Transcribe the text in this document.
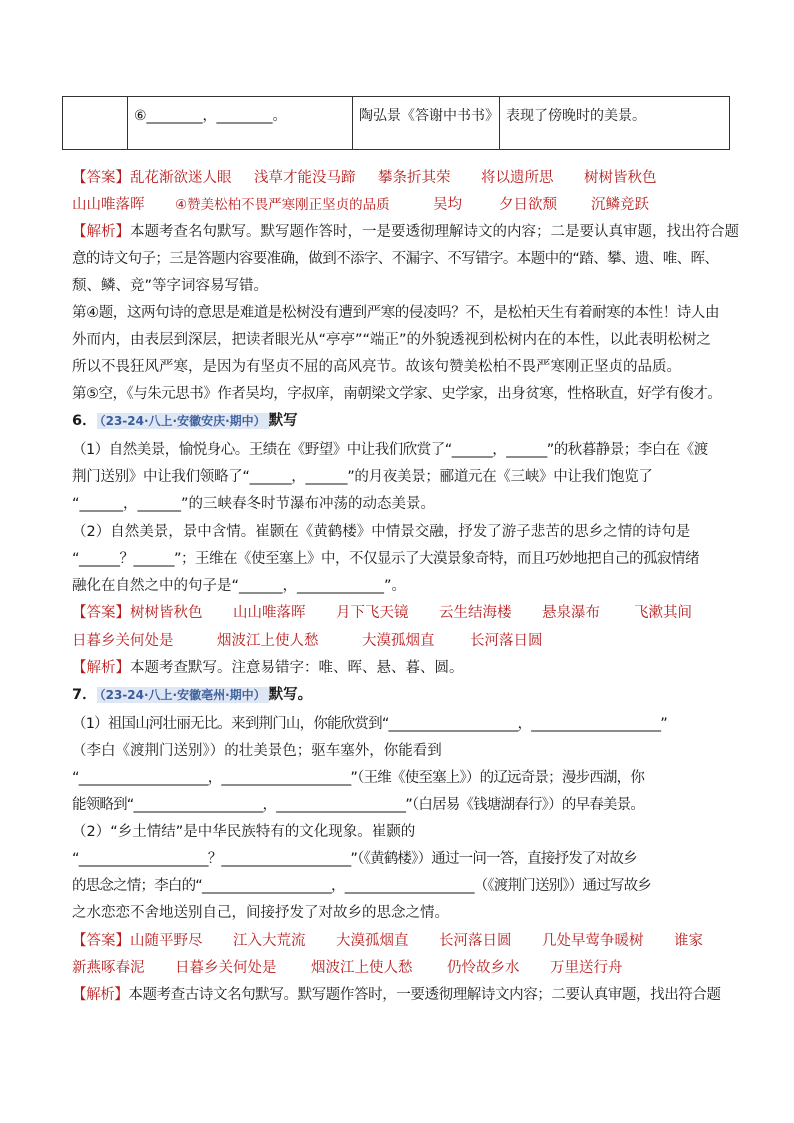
	⑥________，________。	陶弘景《答谢中书书》	表现了傍晚时的美景。
【答案】乱花渐欲迷人眼 浅草才能没马蹄 攀条折其荣 将以遗所思 树树皆秋色
山山唯落晖 ④赞美松柏不畏严寒刚正坚贞的品质	吴均	夕日欲颓 沉鳞竞跃
【解析】本题考查名句默写。默写题作答时，一是要透彻理解诗文的内容；二是要认真审题，找出符合题
意的诗文句子；三是答题内容要准确，做到不添字、不漏字、不写错字。本题中的“踏、攀、遗、唯、晖、
颓、鳞、竞”等字词容易写错。
第④题，这两句诗的意思是难道是松树没有遭到严寒的侵凌吗？不，是松柏天生有着耐寒的本性！诗人由
外而内，由表层到深层，把读者眼光从“亭亭”“端正”的外貌透视到松树内在的本性，以此表明松树之
所以不畏狂风严寒，是因为有坚贞不屈的高风亮节。故该句赞美松柏不畏严寒刚正坚贞的品质。
第⑤空，《与朱元思书》作者吴均，字叔庠，南朝梁文学家、史学家，出身贫寒，性格耿直，好学有俊才。
6． （23-24·八上·安徽安庆·期中） 默写
（1）自然美景，愉悦身心。王绩在《野望》中让我们欣赏了“______，______”的秋暮静景；李白在《渡
荆门送别》中让我们领略了“______，______”的月夜美景；郦道元在《三峡》中让我们饱览了
“______，______”的三峡春冬时节瀑布冲荡的动态美景。
（2）自然美景，景中含情。崔颢在《黄鹤楼》中情景交融，抒发了游子悲苦的思乡之情的诗句是
“______？______”；王维在《使至塞上》中，不仅显示了大漠景象奇特，而且巧妙地把自己的孤寂情绪
融化在自然之中的句子是“______，____________”。
【答案】树树皆秋色 山山唯落晖 月下飞天镜 云生结海楼 悬泉瀑布 飞漱其间
日暮乡关何处是	烟波江上使人愁	大漠孤烟直 长河落日圆
【解析】本题考查默写。注意易错字：唯、晖、悬、暮、圆。
7． （23-24·八上·安徽亳州·期中） 默写。
（1）祖国山河壮丽无比。来到荆门山，你能欣赏到“____________________，____________________”
（李白《渡荆门送别》）的壮美景色；驱车塞外，你能看到
“____________________，____________________”（王维《使至塞上》）的辽远奇景；漫步西湖，你
能领略到“____________________，____________________”（白居易《钱塘湖春行》）的早春美景。
（2）“乡土情结”是中华民族特有的文化现象。崔颢的
“____________________？____________________”（《黄鹤楼》）通过一问一答，直接抒发了对故乡
的思念之情；李白的“____________________，____________________（《渡荆门送别》）通过写故乡
之水恋恋不舍地送别自己，间接抒发了对故乡的思念之情。
【答案】山随平野尽 江入大荒流 大漠孤烟直 长河落日圆 几处早莺争暖树 谁家
新燕啄春泥 日暮乡关何处是 烟波江上使人愁 仍怜故乡水 万里送行舟
【解析】本题考查古诗文名句默写。默写题作答时，一要透彻理解诗文内容；二要认真审题，找出符合题
